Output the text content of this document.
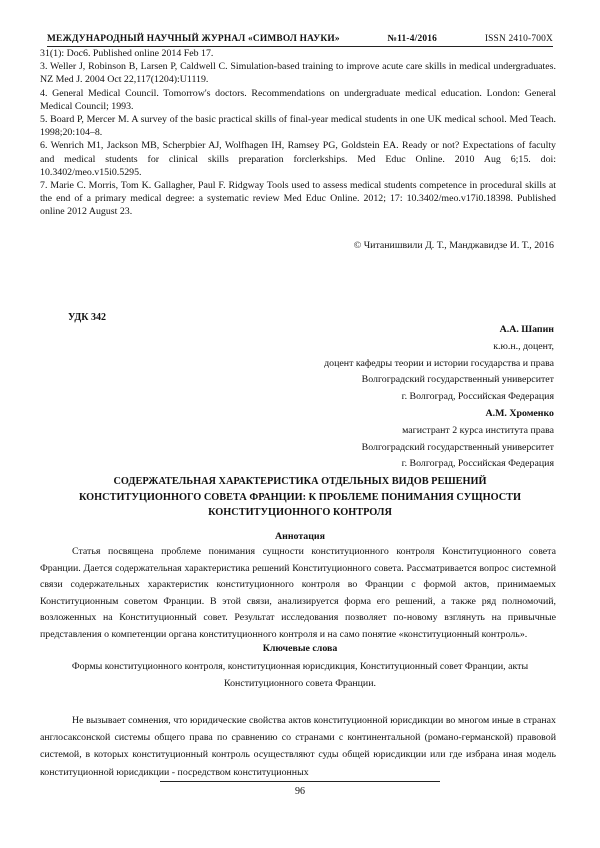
МЕЖДУНАРОДНЫЙ НАУЧНЫЙ ЖУРНАЛ «СИМВОЛ НАУКИ»	№11-4/2016	ISSN 2410-700X

31(1): Doc6. Published online 2014 Feb 17.

3. Weller J, Robinson B, Larsen P, Caldwell C. Simulation-based training to improve acute care skills in medical undergraduates. NZ Med J. 2004 Oct 22,117(1204):U1119.

4. General Medical Council. Tomorrow's doctors. Recommendations on undergraduate medical education. London: General Medical Council; 1993.

5. Board P, Mercer M. A survey of the basic practical skills of final-year medical students in one UK medical school. Med Teach. 1998;20:104–8.

6. Wenrich M1, Jackson MB, Scherpbier AJ, Wolfhagen IH, Ramsey PG, Goldstein EA. Ready or not? Expectations of faculty and medical students for clinical skills preparation forclerkships. Med Educ Online. 2010 Aug 6;15. doi: 10.3402/meo.v15i0.5295.

7. Marie C. Morris, Tom K. Gallagher, Paul F. Ridgway Tools used to assess medical students competence in procedural skills at the end of a primary medical degree: a systematic review Med Educ Online. 2012; 17: 10.3402/meo.v17i0.18398. Published online 2012 August 23.

© Читанишвили Д. Т., Манджавидзе И. Т., 2016
УДК 342
А.А. Шапин
к.ю.н., доцент,
доцент кафедры теории и истории государства и права
Волгоградский государственный университет
г. Волгоград, Российская Федерация
А.М. Хроменко
магистрант 2 курса института права
Волгоградский государственный университет
г. Волгоград, Российская Федерация
СОДЕРЖАТЕЛЬНАЯ ХАРАКТЕРИСТИКА ОТДЕЛЬНЫХ ВИДОВ РЕШЕНИЙ
КОНСТИТУЦИОННОГО СОВЕТА ФРАНЦИИ: К ПРОБЛЕМЕ ПОНИМАНИЯ СУЩНОСТИ
КОНСТИТУЦИОННОГО КОНТРОЛЯ
Аннотация

Статья посвящена проблеме понимания сущности конституционного контроля Конституционного совета Франции. Дается содержательная характеристика решений Конституционного совета. Рассматривается вопрос системной связи содержательных характеристик конституционного контроля во Франции с формой актов, принимаемых Конституционным советом Франции. В этой связи, анализируется форма его решений, а также ряд полномочий, возложенных на Конституционный совет. Результат исследования позволяет по-новому взглянуть на привычные представления о компетенции органа конституционного контроля и на само понятие «конституционный контроль».

Ключевые слова

Формы конституционного контроля, конституционная юрисдикция, Конституционный совет Франции, акты Конституционного совета Франции.

Не вызывает сомнения, что юридические свойства актов конституционной юрисдикции во многом иные в странах англосаксонской системы общего права по сравнению со странами с континентальной (романо-германской) правовой системой, в которых конституционный контроль осуществляют суды общей юрисдикции или где избрана иная модель конституционной юрисдикции - посредством конституционных

96
